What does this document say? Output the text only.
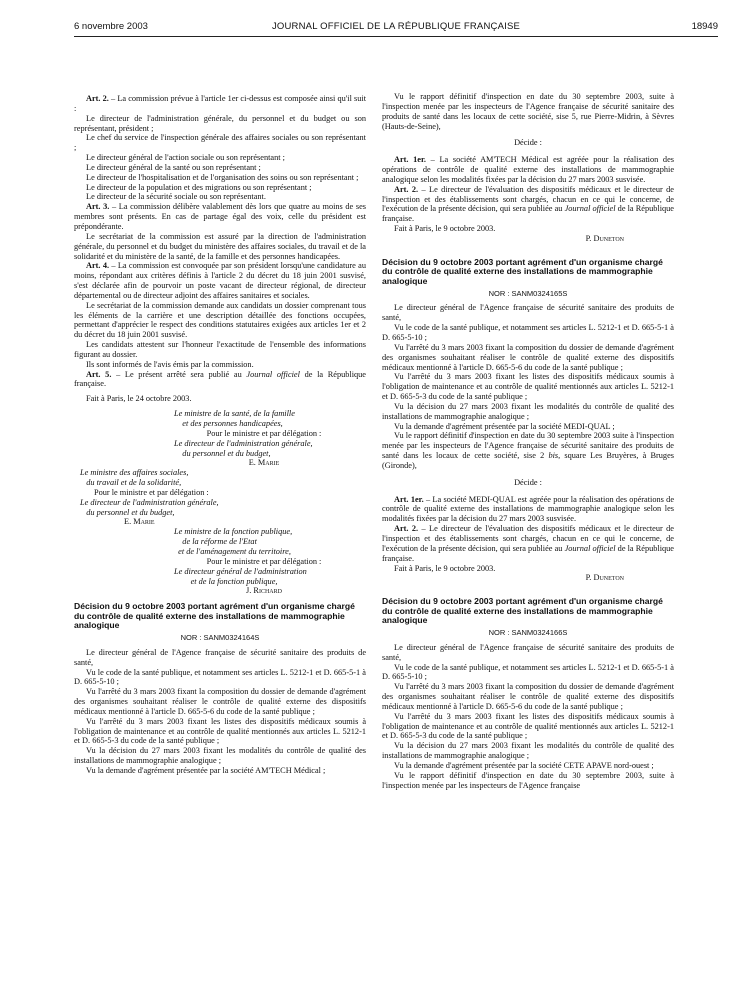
6 novembre 2003	JOURNAL OFFICIEL DE LA RÉPUBLIQUE FRANÇAISE	18949

Art. 2. – La commission prévue à l'article 1er ci-dessus est composée ainsi qu'il suit :

Le directeur de l'administration générale, du personnel et du budget ou son représentant, président ;

Le chef du service de l'inspection générale des affaires sociales ou son représentant ;

Le directeur général de l'action sociale ou son représentant ;

Le directeur général de la santé ou son représentant ;

Le directeur de l'hospitalisation et de l'organisation des soins ou son représentant ;

Le directeur de la population et des migrations ou son représentant ;

Le directeur de la sécurité sociale ou son représentant.

Art. 3. – La commission délibère valablement dès lors que quatre au moins de ses membres sont présents. En cas de partage égal des voix, celle du président est prépondérante.

Le secrétariat de la commission est assuré par la direction de l'administration générale, du personnel et du budget du ministère des affaires sociales, du travail et de la solidarité et du ministère de la santé, de la famille et des personnes handicapées.

Art. 4. – La commission est convoquée par son président lorsqu'une candidature au moins, répondant aux critères définis à l'article 2 du décret du 18 juin 2001 susvisé, s'est déclarée afin de pourvoir un poste vacant de directeur régional, de directeur départemental ou de directeur adjoint des affaires sanitaires et sociales.

Le secrétariat de la commission demande aux candidats un dossier comprenant tous les éléments de la carrière et une description détaillée des fonctions occupées, permettant d'apprécier le respect des conditions statutaires exigées aux articles 1er et 2 du décret du 18 juin 2001 susvisé.

Les candidats attestent sur l'honneur l'exactitude de l'ensemble des informations figurant au dossier.

Ils sont informés de l'avis émis par la commission.

Art. 5. – Le présent arrêté sera publié au Journal officiel de la République française.

Fait à Paris, le 24 octobre 2003.

Le ministre de la santé, de la famille
et des personnes handicapées,
Pour le ministre et par délégation :
Le directeur de l'administration générale,
du personnel et du budget,
E. Marie
Le ministre des affaires sociales,
du travail et de la solidarité,
Pour le ministre et par délégation :
Le directeur de l'administration générale,
du personnel et du budget,
E. Marie
Le ministre de la fonction publique,
de la réforme de l'Etat
et de l'aménagement du territoire,
Pour le ministre et par délégation :
Le directeur général de l'administration
et de la fonction publique,
J. Richard
Décision du 9 octobre 2003 portant agrément d'un organisme chargé du contrôle de qualité externe des installations de mammographie analogique
NOR : SANM0324164S

Le directeur général de l'Agence française de sécurité sanitaire des produits de santé,

Vu le code de la santé publique, et notamment ses articles L. 5212-1 et D. 665-5-1 à D. 665-5-10 ;

Vu l'arrêté du 3 mars 2003 fixant la composition du dossier de demande d'agrément des organismes souhaitant réaliser le contrôle de qualité externe des dispositifs médicaux mentionné à l'article D. 665-5-6 du code de la santé publique ;

Vu l'arrêté du 3 mars 2003 fixant les listes des dispositifs médicaux soumis à l'obligation de maintenance et au contrôle de qualité mentionnés aux articles L. 5212-1 et D. 665-5-3 du code de la santé publique ;

Vu la décision du 27 mars 2003 fixant les modalités du contrôle de qualité des installations de mammographie analogique ;

Vu la demande d'agrément présentée par la société AM'TECH Médical ;

Vu le rapport définitif d'inspection en date du 30 septembre 2003, suite à l'inspection menée par les inspecteurs de l'Agence française de sécurité sanitaire des produits de santé dans les locaux de cette société, sise 5, rue Pierre-Midrin, à Sèvres (Hauts-de-Seine),

Décide :

Art. 1er. – La société AM'TECH Médical est agréée pour la réalisation des opérations de contrôle de qualité externe des installations de mammographie analogique selon les modalités fixées par la décision du 27 mars 2003 susvisée.

Art. 2. – Le directeur de l'évaluation des dispositifs médicaux et le directeur de l'inspection et des établissements sont chargés, chacun en ce qui le concerne, de l'exécution de la présente décision, qui sera publiée au Journal officiel de la République française.

Fait à Paris, le 9 octobre 2003.

P. Duneton

Décision du 9 octobre 2003 portant agrément d'un organisme chargé du contrôle de qualité externe des installations de mammographie analogique
NOR : SANM0324165S

Le directeur général de l'Agence française de sécurité sanitaire des produits de santé,

Vu le code de la santé publique, et notamment ses articles L. 5212-1 et D. 665-5-1 à D. 665-5-10 ;

Vu l'arrêté du 3 mars 2003 fixant la composition du dossier de demande d'agrément des organismes souhaitant réaliser le contrôle de qualité externe des dispositifs médicaux mentionné à l'article D. 665-5-6 du code de la santé publique ;

Vu l'arrêté du 3 mars 2003 fixant les listes des dispositifs médicaux soumis à l'obligation de maintenance et au contrôle de qualité mentionnés aux articles L. 5212-1 et D. 665-5-3 du code de la santé publique ;

Vu la décision du 27 mars 2003 fixant les modalités du contrôle de qualité des installations de mammographie analogique ;

Vu la demande d'agrément présentée par la société MEDI-QUAL ;

Vu le rapport définitif d'inspection en date du 30 septembre 2003 suite à l'inspection menée par les inspecteurs de l'Agence française de sécurité sanitaire des produits de santé dans les locaux de cette société, sise 2 bis, square Les Bruyères, à Bruges (Gironde),

Décide :

Art. 1er. – La société MEDI-QUAL est agréée pour la réalisation des opérations de contrôle de qualité externe des installations de mammographie analogique selon les modalités fixées par la décision du 27 mars 2003 susvisée.

Art. 2. – Le directeur de l'évaluation des dispositifs médicaux et le directeur de l'inspection et des établissements sont chargés, chacun en ce qui le concerne, de l'exécution de la présente décision, qui sera publiée au Journal officiel de la République française.

Fait à Paris, le 9 octobre 2003.

P. Duneton

Décision du 9 octobre 2003 portant agrément d'un organisme chargé du contrôle de qualité externe des installations de mammographie analogique
NOR : SANM0324166S

Le directeur général de l'Agence française de sécurité sanitaire des produits de santé,

Vu le code de la santé publique, et notamment ses articles L. 5212-1 et D. 665-5-1 à D. 665-5-10 ;

Vu l'arrêté du 3 mars 2003 fixant la composition du dossier de demande d'agrément des organismes souhaitant réaliser le contrôle de qualité externe des dispositifs médicaux mentionné à l'article D. 665-5-6 du code de la santé publique ;

Vu l'arrêté du 3 mars 2003 fixant les listes des dispositifs médicaux soumis à l'obligation de maintenance et au contrôle de qualité mentionnés aux articles L. 5212-1 et D. 665-5-3 du code de la santé publique ;

Vu la décision du 27 mars 2003 fixant les modalités du contrôle de qualité des installations de mammographie analogique ;

Vu la demande d'agrément présentée par la société CETE APAVE nord-ouest ;

Vu le rapport définitif d'inspection en date du 30 septembre 2003, suite à l'inspection menée par les inspecteurs de l'Agence française
